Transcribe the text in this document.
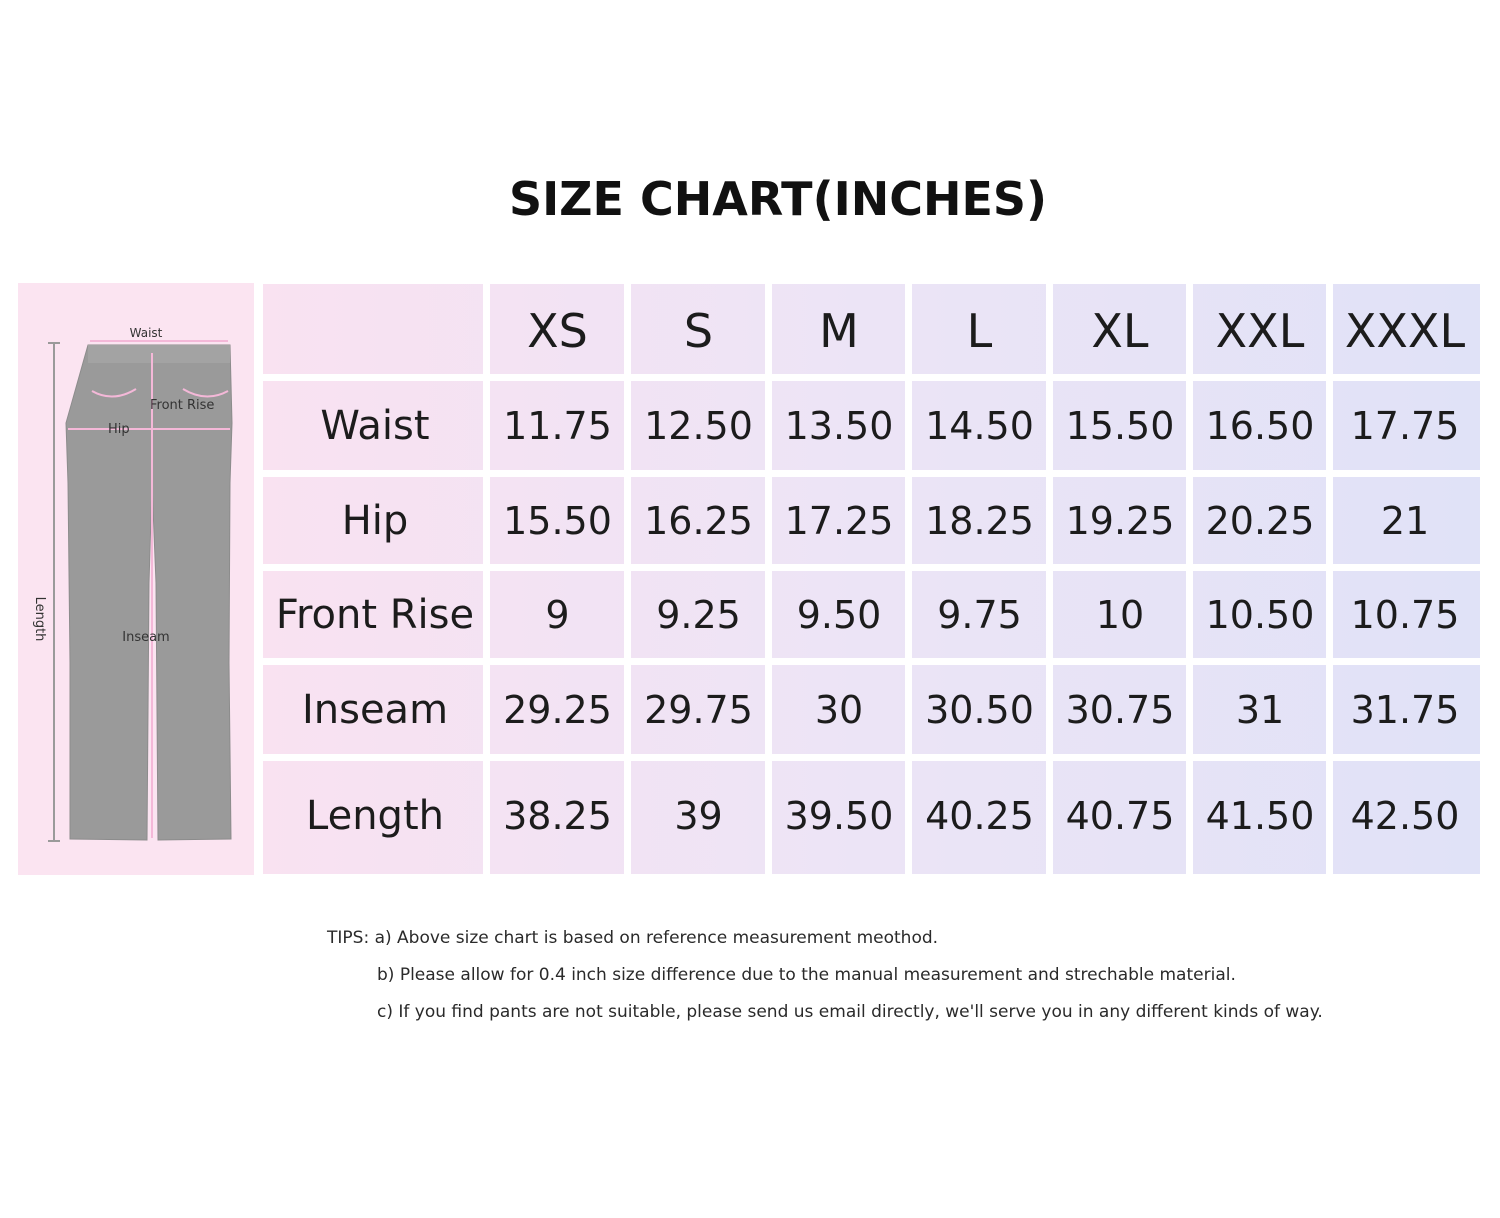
SIZE CHART(INCHES)
Waist
Front Rise
Hip
Inseam
Length
XS	S	M	L	XL	XXL XXXL
Waist	11.75 12.50 13.50 14.50 15.50 16.50 17.75
Hip	15.50 16.25 17.25 18.25 19.25 20.25	21
Front Rise	9	9.25	9.50	9.75	10	10.50 10.75
Inseam	29.25 29.75	30	30.50 30.75	31	31.75
Length	38.25	39	39.50 40.25 40.75 41.50 42.50
TIPS: a) Above size chart is based on reference measurement meothod.
b) Please allow for 0.4 inch size difference due to the manual measurement and strechable material.
c) If you find pants are not suitable, please send us email directly, we'll serve you in any different kinds of way.
